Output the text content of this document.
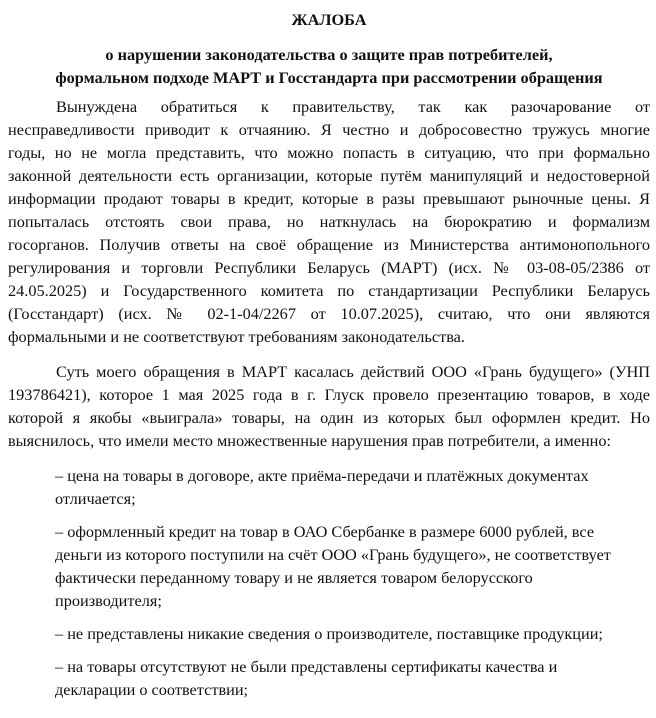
ЖАЛОБА
о нарушении законодательства о защите прав потребителей,
формальном подходе МАРТ и Госстандарта при рассмотрении обращения
Вынуждена обратиться к правительству, так как разочарование от
несправедливости приводит к отчаянию. Я честно и добросовестно тружусь многие
годы, но не могла представить, что можно попасть в ситуацию, что при формально
законной деятельности есть организации, которые путём манипуляций и недостоверной
информации продают товары в кредит, которые в разы превышают рыночные цены. Я
попыталась отстоять свои права, но наткнулась на бюрократию и формализм
госорганов. Получив ответы на своё обращение из Министерства антимонопольного
регулирования и торговли Республики Беларусь (МАРТ) (исх. № 03-08-05/2386 от
24.05.2025) и Государственного комитета по стандартизации Республики Беларусь
(Госстандарт) (исх. № 02-1-04/2267 от 10.07.2025), считаю, что они являются
формальными и не соответствуют требованиям законодательства.
Суть моего обращения в МАРТ касалась действий ООО «Грань будущего» (УНП
193786421), которое 1 мая 2025 года в г. Глуск провело презентацию товаров, в ходе
которой я якобы «выиграла» товары, на один из которых был оформлен кредит. Но
выяснилось, что имели место множественные нарушения прав потребители, а именно:
– цена на товары в договоре, акте приёма-передачи и платёжных документах
отличается;
– оформленный кредит на товар в ОАО Сбербанке в размере 6000 рублей, все
деньги из которого поступили на счёт ООО «Грань будущего», не соответствует
фактически переданному товару и не является товаром белорусского
производителя;
– не представлены никакие сведения о производителе, поставщике продукции;
– на товары отсутствуют не были представлены сертификаты качества и
декларации о соответствии;
